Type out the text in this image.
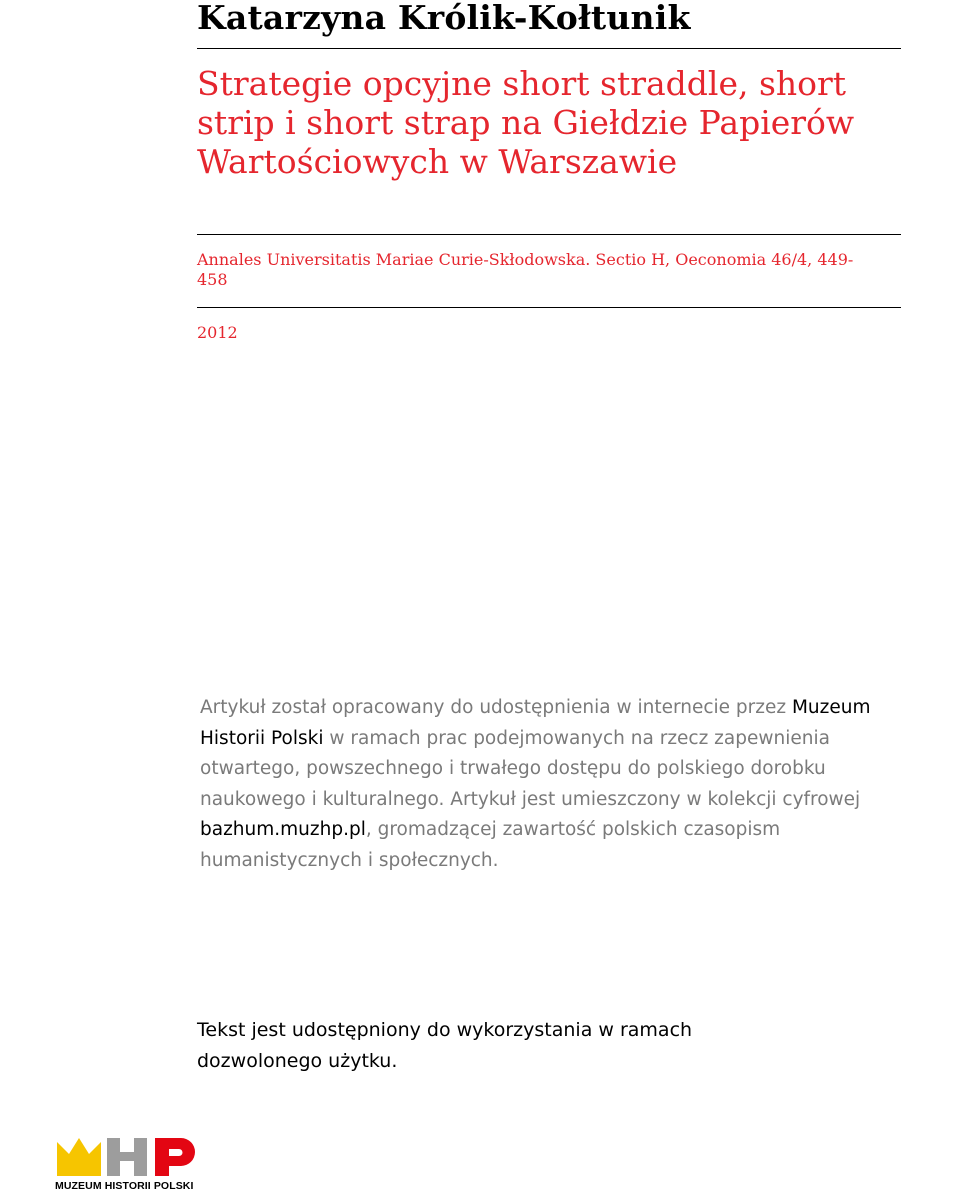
Katarzyna Królik-Kołtunik
Strategie opcyjne short straddle, short strip i short strap na Giełdzie Papierów Wartościowych w Warszawie

Annales Universitatis Mariae Curie-Skłodowska. Sectio H, Oeconomia 46/4, 449-458

2012

Artykuł został opracowany do udostępnienia w internecie przez Muzeum Historii Polski w ramach prac podejmowanych na rzecz zapewnienia otwartego, powszechnego i trwałego dostępu do polskiego dorobku naukowego i kulturalnego. Artykuł jest umieszczony w kolekcji cyfrowej bazhum.muzhp.pl, gromadzącej zawartość polskich czasopism humanistycznych i społecznych.

Tekst jest udostępniony do wykorzystania w ramach dozwolonego użytku.

MUZEUM HISTORII POLSKI
